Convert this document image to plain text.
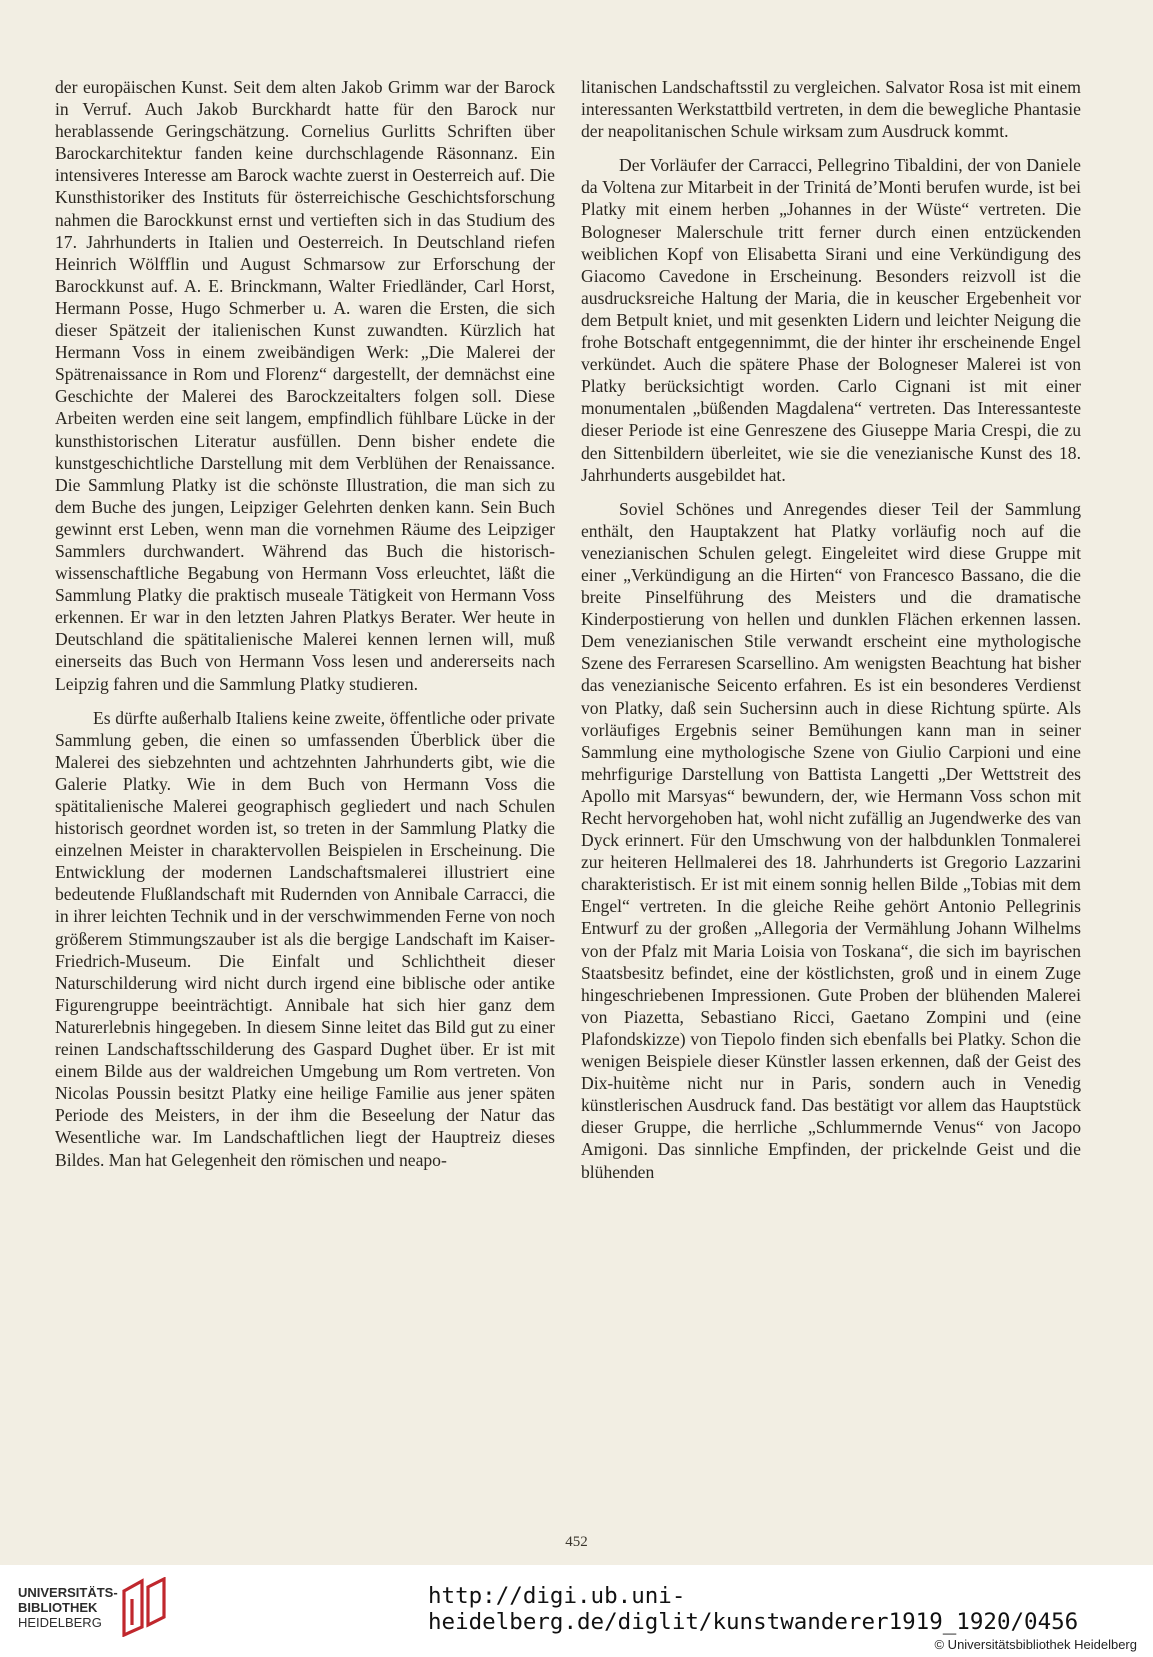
der europäischen Kunst. Seit dem alten Jakob Grimm war der Barock in Verruf. Auch Jakob Burckhardt hatte für den Barock nur herablassende Geringschätzung. Cornelius Gurlitts Schriften über Barockarchitektur fanden keine durchschlagende Räsonnanz. Ein intensiveres Interesse am Barock wachte zuerst in Oesterreich auf. Die Kunsthistoriker des Instituts für österreichische Geschichtsforschung nahmen die Barockkunst ernst und vertieften sich in das Studium des 17. Jahrhunderts in Italien und Oesterreich. In Deutschland riefen Heinrich Wölfflin und August Schmarsow zur Erforschung der Barockkunst auf. A. E. Brinckmann, Walter Friedländer, Carl Horst, Hermann Posse, Hugo Schmerber u. A. waren die Ersten, die sich dieser Spätzeit der italienischen Kunst zuwandten. Kürzlich hat Hermann Voss in einem zweibändigen Werk: „Die Malerei der Spätrenaissance in Rom und Florenz“ dargestellt, der demnächst eine Geschichte der Malerei des Barockzeitalters folgen soll. Diese Arbeiten werden eine seit langem, empfindlich fühlbare Lücke in der kunsthistorischen Literatur ausfüllen. Denn bisher endete die kunstgeschichtliche Darstellung mit dem Verblühen der Renaissance. Die Sammlung Platky ist die schönste Illustration, die man sich zu dem Buche des jungen, Leipziger Gelehrten denken kann. Sein Buch gewinnt erst Leben, wenn man die vornehmen Räume des Leipziger Sammlers durchwandert. Während das Buch die historisch-wissenschaftliche Begabung von Hermann Voss erleuchtet, läßt die Sammlung Platky die praktisch museale Tätigkeit von Hermann Voss erkennen. Er war in den letzten Jahren Platkys Berater. Wer heute in Deutschland die spätitalienische Malerei kennen lernen will, muß einerseits das Buch von Hermann Voss lesen und andererseits nach Leipzig fahren und die Sammlung Platky studieren.

Es dürfte außerhalb Italiens keine zweite, öffentliche oder private Sammlung geben, die einen so umfassenden Überblick über die Malerei des siebzehnten und achtzehnten Jahrhunderts gibt, wie die Galerie Platky. Wie in dem Buch von Hermann Voss die spätitalienische Malerei geographisch gegliedert und nach Schulen historisch geordnet worden ist, so treten in der Sammlung Platky die einzelnen Meister in charaktervollen Beispielen in Erscheinung. Die Entwicklung der modernen Landschaftsmalerei illustriert eine bedeutende Flußlandschaft mit Rudernden von Annibale Carracci, die in ihrer leichten Technik und in der verschwimmenden Ferne von noch größerem Stimmungszauber ist als die bergige Landschaft im Kaiser-Friedrich-Museum. Die Einfalt und Schlichtheit dieser Naturschilderung wird nicht durch irgend eine biblische oder antike Figurengruppe beeinträchtigt. Annibale hat sich hier ganz dem Naturerlebnis hingegeben. In diesem Sinne leitet das Bild gut zu einer reinen Landschaftsschilderung des Gaspard Dughet über. Er ist mit einem Bilde aus der waldreichen Umgebung um Rom vertreten. Von Nicolas Poussin besitzt Platky eine heilige Familie aus jener späten Periode des Meisters, in der ihm die Beseelung der Natur das Wesentliche war. Im Landschaftlichen liegt der Hauptreiz dieses Bildes. Man hat Gelegenheit den römischen und neapo-

litanischen Landschaftsstil zu vergleichen. Salvator Rosa ist mit einem interessanten Werkstattbild vertreten, in dem die bewegliche Phantasie der neapolitanischen Schule wirksam zum Ausdruck kommt.

Der Vorläufer der Carracci, Pellegrino Tibaldini, der von Daniele da Voltena zur Mitarbeit in der Trinitá de’Monti berufen wurde, ist bei Platky mit einem herben „Johannes in der Wüste“ vertreten. Die Bologneser Malerschule tritt ferner durch einen entzückenden weiblichen Kopf von Elisabetta Sirani und eine Verkündigung des Giacomo Cavedone in Erscheinung. Besonders reizvoll ist die ausdrucksreiche Haltung der Maria, die in keuscher Ergebenheit vor dem Betpult kniet, und mit gesenkten Lidern und leichter Neigung die frohe Botschaft entgegennimmt, die der hinter ihr erscheinende Engel verkündet. Auch die spätere Phase der Bologneser Malerei ist von Platky berücksichtigt worden. Carlo Cignani ist mit einer monumentalen „büßenden Magdalena“ vertreten. Das Interessanteste dieser Periode ist eine Genreszene des Giuseppe Maria Crespi, die zu den Sittenbildern überleitet, wie sie die venezianische Kunst des 18. Jahrhunderts ausgebildet hat.

Soviel Schönes und Anregendes dieser Teil der Sammlung enthält, den Hauptakzent hat Platky vorläufig noch auf die venezianischen Schulen gelegt. Eingeleitet wird diese Gruppe mit einer „Verkündigung an die Hirten“ von Francesco Bassano, die die breite Pinselführung des Meisters und die dramatische Kinderpostierung von hellen und dunklen Flächen erkennen lassen. Dem venezianischen Stile verwandt erscheint eine mythologische Szene des Ferraresen Scarsellino. Am wenigsten Beachtung hat bisher das venezianische Seicento erfahren. Es ist ein besonderes Verdienst von Platky, daß sein Suchersinn auch in diese Richtung spürte. Als vorläufiges Ergebnis seiner Bemühungen kann man in seiner Sammlung eine mythologische Szene von Giulio Carpioni und eine mehrfigurige Darstellung von Battista Langetti „Der Wettstreit des Apollo mit Marsyas“ bewundern, der, wie Hermann Voss schon mit Recht hervorgehoben hat, wohl nicht zufällig an Jugendwerke des van Dyck erinnert. Für den Umschwung von der halbdunklen Tonmalerei zur heiteren Hellmalerei des 18. Jahrhunderts ist Gregorio Lazzarini charakteristisch. Er ist mit einem sonnig hellen Bilde „Tobias mit dem Engel“ vertreten. In die gleiche Reihe gehört Antonio Pellegrinis Entwurf zu der großen „Allegoria der Vermählung Johann Wilhelms von der Pfalz mit Maria Loisia von Toskana“, die sich im bayrischen Staatsbesitz befindet, eine der köstlichsten, groß und in einem Zuge hingeschriebenen Impressionen. Gute Proben der blühenden Malerei von Piazetta, Sebastiano Ricci, Gaetano Zompini und (eine Plafondskizze) von Tiepolo finden sich ebenfalls bei Platky. Schon die wenigen Beispiele dieser Künstler lassen erkennen, daß der Geist des Dix-huitème nicht nur in Paris, sondern auch in Venedig künstlerischen Ausdruck fand. Das bestätigt vor allem das Hauptstück dieser Gruppe, die herrliche „Schlummernde Venus“ von Jacopo Amigoni. Das sinnliche Empfinden, der prickelnde Geist und die blühenden

452
UNIVERSITÄTS-
BIBLIOTHEK
HEIDELBERG
http://digi.ub.uni-heidelberg.de/diglit/kunstwanderer1919_1920/0456
© Universitätsbibliothek Heidelberg
